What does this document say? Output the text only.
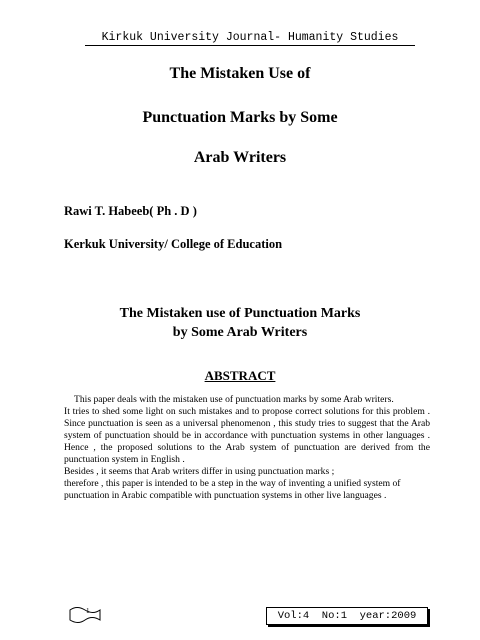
Kirkuk University Journal- Humanity Studies
The Mistaken Use of
Punctuation Marks by Some
Arab Writers
Rawi T. Habeeb( Ph . D )
Kerkuk University/ College of Education
The Mistaken use of Punctuation Marks
by Some Arab Writers
ABSTRACT

This paper deals with the mistaken use of punctuation marks by some Arab writers.

It tries to shed some light on such mistakes and to propose correct solutions for this problem . Since punctuation is seen as a universal phenomenon , this study tries to suggest that the Arab system of punctuation should be in accordance with punctuation systems in other languages . Hence , the proposed solutions to the Arab system of punctuation are derived from the punctuation system in English .

Besides , it seems that Arab writers differ in using punctuation marks ;

therefore , this paper is intended to be a step in the way of inventing a unified system of punctuation in Arabic compatible with punctuation systems in other live languages .

1	Vol:4  No:1  year:2009
